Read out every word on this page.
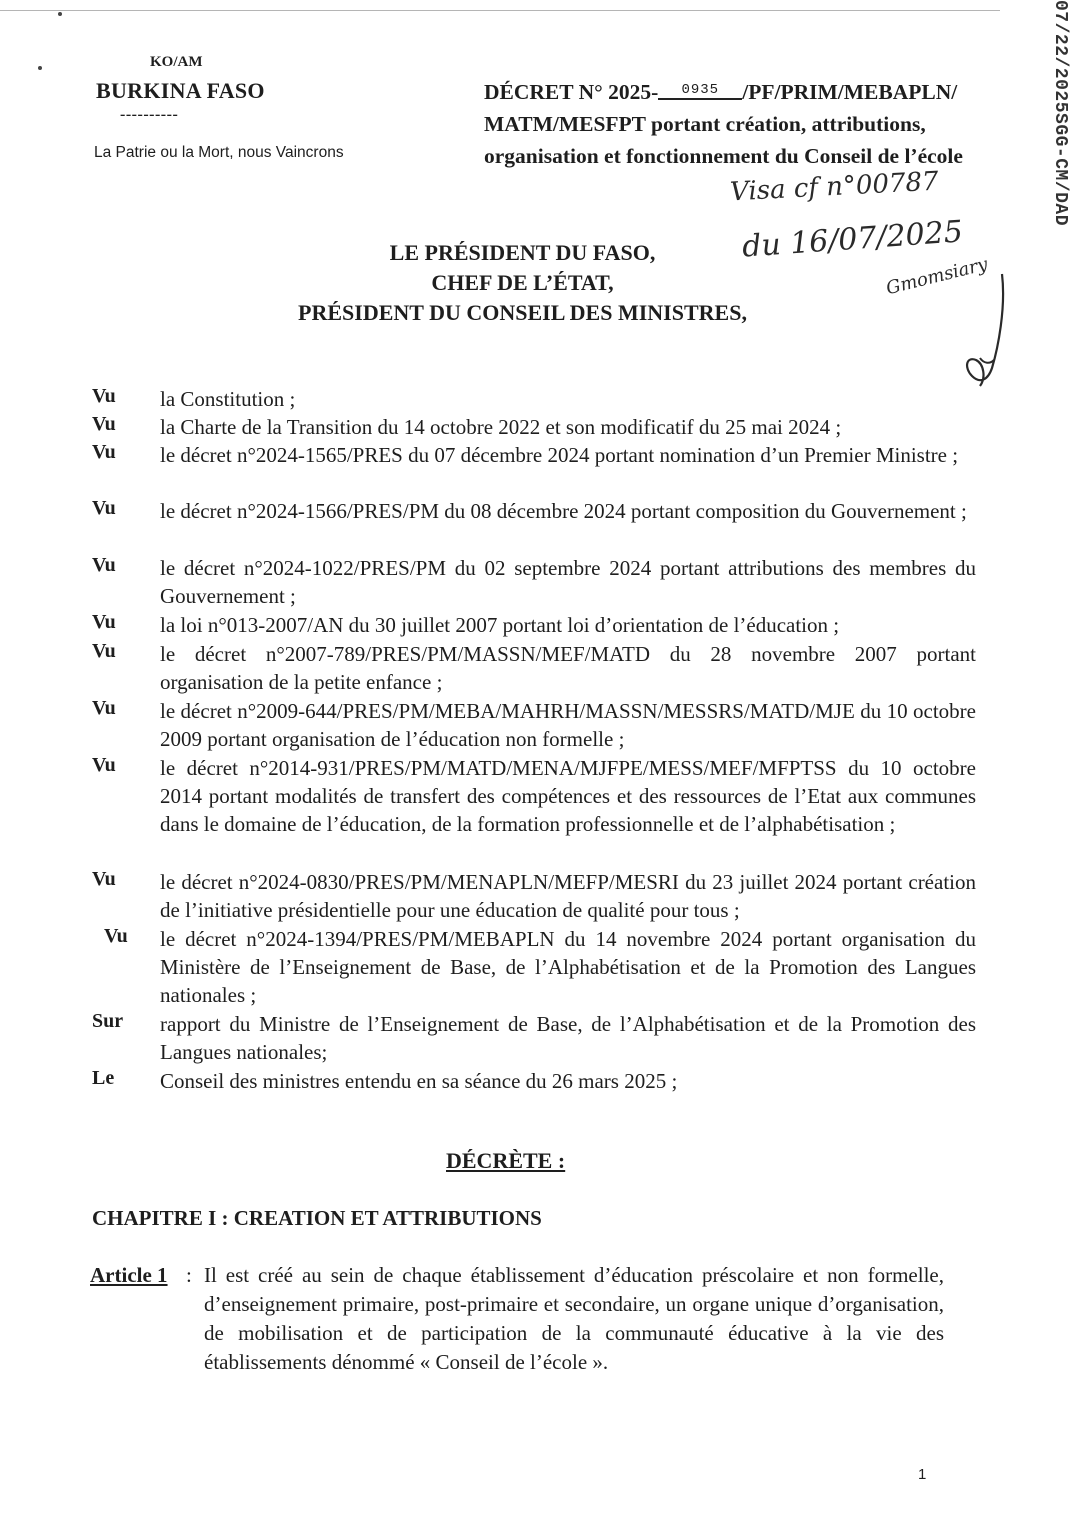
KO/AM
BURKINA FASO
----------
La Patrie ou la Mort, nous Vaincrons
DÉCRET N° 2025- 0935 /PF/PRIM/MEBAPLN/
MATM/MESFPT portant création, attributions,
organisation et fonctionnement du Conseil de l’école
Visa cf n°00787
du 16/07/2025
Gmomsiary
07/22/2025SGG-CM/DAD
LE PRÉSIDENT DU FASO,
CHEF DE L’ÉTAT,
PRÉSIDENT DU CONSEIL DES MINISTRES,
Vu la Constitution ;
Vu la Charte de la Transition du 14 octobre 2022 et son modificatif du 25 mai 2024 ;
Vu le décret n°2024-1565/PRES du 07 décembre 2024 portant nomination d’un Premier Ministre ;
Vu le décret n°2024-1566/PRES/PM du 08 décembre 2024 portant composition du Gouvernement ;
Vu le décret n°2024-1022/PRES/PM du 02 septembre 2024 portant attributions des membres du Gouvernement ;
Vu la loi n°013-2007/AN du 30 juillet 2007 portant loi d’orientation de l’éducation ;
Vu le décret n°2007-789/PRES/PM/MASSN/MEF/MATD du 28 novembre 2007 portant organisation de la petite enfance ;
Vu le décret n°2009-644/PRES/PM/MEBA/MAHRH/MASSN/MESSRS/MATD/MJE du 10 octobre 2009 portant organisation de l’éducation non formelle ;
Vu le décret n°2014-931/PRES/PM/MATD/MENA/MJFPE/MESS/MEF/MFPTSS du 10 octobre 2014 portant modalités de transfert des compétences et des ressources de l’Etat aux communes dans le domaine de l’éducation, de la formation professionnelle et de l’alphabétisation ;
Vu le décret n°2024-0830/PRES/PM/MENAPLN/MEFP/MESRI du 23 juillet 2024 portant création de l’initiative présidentielle pour une éducation de qualité pour tous ;
Vu le décret n°2024-1394/PRES/PM/MEBAPLN du 14 novembre 2024 portant organisation du Ministère de l’Enseignement de Base, de l’Alphabétisation et de la Promotion des Langues nationales ;
Sur rapport du Ministre de l’Enseignement de Base, de l’Alphabétisation et de la Promotion des Langues nationales;
Le Conseil des ministres entendu en sa séance du 26 mars 2025 ;
DÉCRÈTE :
CHAPITRE I : CREATION ET ATTRIBUTIONS
Article 1 : Il est créé au sein de chaque établissement d’éducation préscolaire et non formelle, d’enseignement primaire, post-primaire et secondaire, un organe unique d’organisation, de mobilisation et de participation de la communauté éducative à la vie des établissements dénommé « Conseil de l’école ».
1
